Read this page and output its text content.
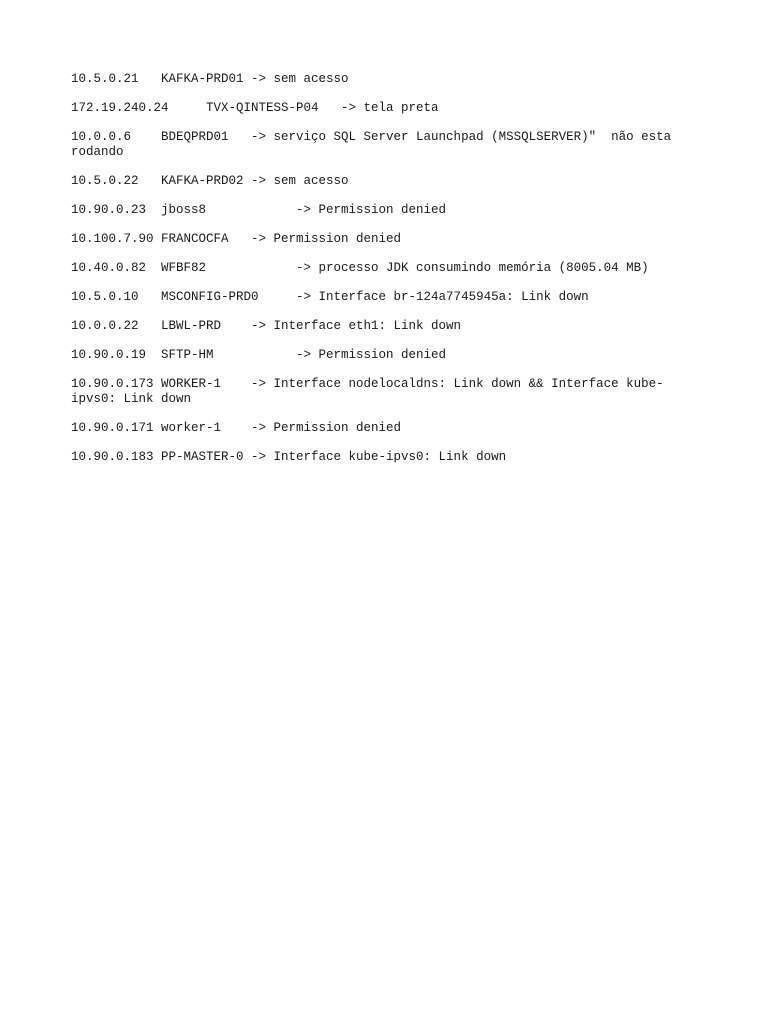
10.5.0.21   KAFKA-PRD01 -> sem acesso
172.19.240.24     TVX-QINTESS-P04   -> tela preta
10.0.0.6    BDEQPRD01   -> serviço SQL Server Launchpad (MSSQLSERVER)"  não esta
rodando
10.5.0.22   KAFKA-PRD02 -> sem acesso
10.90.0.23  jboss8            -> Permission denied
10.100.7.90 FRANCOCFA   -> Permission denied
10.40.0.82  WFBF82            -> processo JDK consumindo memória (8005.04 MB)
10.5.0.10   MSCONFIG-PRD0     -> Interface br-124a7745945a: Link down
10.0.0.22   LBWL-PRD    -> Interface eth1: Link down
10.90.0.19  SFTP-HM           -> Permission denied
10.90.0.173 WORKER-1    -> Interface nodelocaldns: Link down && Interface kube-
ipvs0: Link down
10.90.0.171 worker-1    -> Permission denied
10.90.0.183 PP-MASTER-0 -> Interface kube-ipvs0: Link down
